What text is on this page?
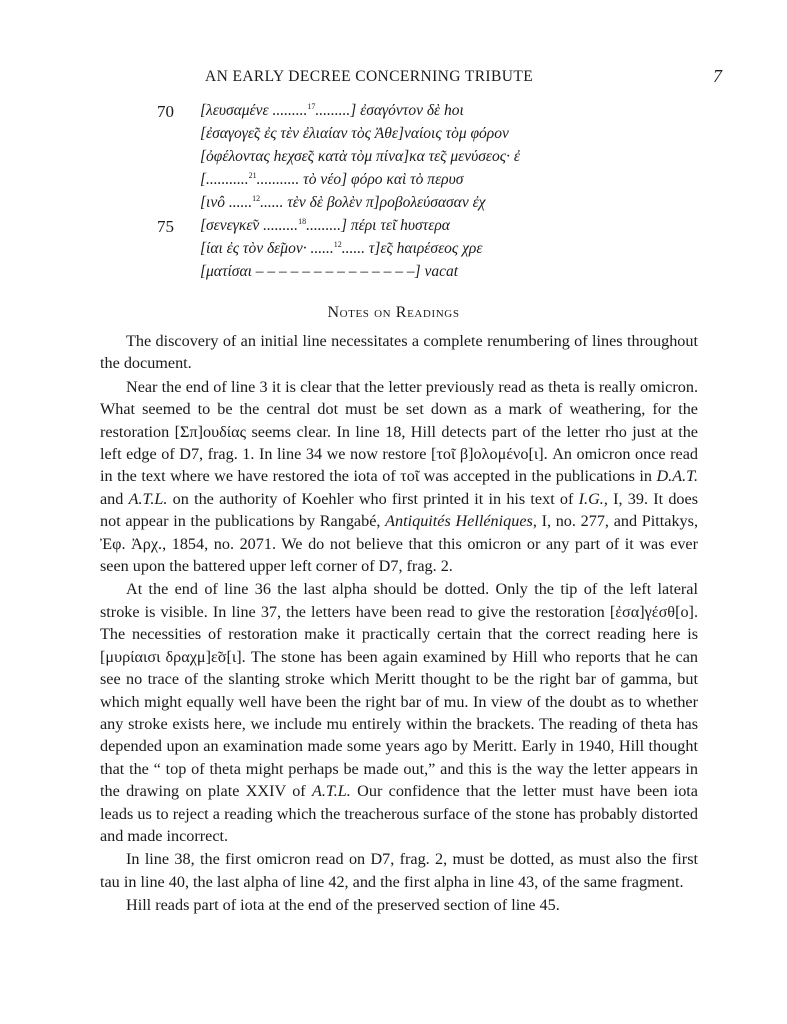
AN EARLY DECREE CONCERNING TRIBUTE	7
70 [λευσαμένε .........$^{17}$.........] ἐσαγόντον δὲ hοι
[ἐσαγογε̃ς ἐς τὲν ἐλιαίαν τὸς Ἀθε]ναίοις τὸμ φόρον
[ὀφέλοντας hεχσε̃ς κατὰ τὸμ πίνα]κα τε̃ς μενύσεος· ἐ
[...........$^{21}$........... τὸ νέο] φόρο καὶ τὸ περυσ
[ινô ......$^{12}$...... τὲν δὲ βολὲν π]ροβολεύσασαν ἐχ
75 [σενεγκε̃ν .........$^{18}$.........] πέρι τε̃ι hυστερα
[ίαι ἐς τὸν δε̃μον· ......$^{12}$...... τ]ε̃ς hαιρέσεος χρε
[ματίσαι – – – – – – – – – – – – – –] vacat
Notes on Readings

The discovery of an initial line necessitates a complete renumbering of lines throughout the document.

Near the end of line 3 it is clear that the letter previously read as theta is really omicron. What seemed to be the central dot must be set down as a mark of weathering, for the restoration [Σπ]ουδίας seems clear. In line 18, Hill detects part of the letter rho just at the left edge of D7, frag. 1. In line 34 we now restore [το̃ι β]ολομένο[ι]. An omicron once read in the text where we have restored the iota of το̃ι was accepted in the publications in D.A.T. and A.T.L. on the authority of Koehler who first printed it in his text of I.G., I, 39. It does not appear in the publications by Rangabé, Antiquités Helléniques, I, no. 277, and Pittakys, Ἐφ. Ἀρχ., 1854, no. 2071. We do not believe that this omicron or any part of it was ever seen upon the battered upper left corner of D7, frag. 2.

At the end of line 36 the last alpha should be dotted. Only the tip of the left lateral stroke is visible. In line 37, the letters have been read to give the restoration [ἐσα]γέσθ[ο]. The necessities of restoration make it practically certain that the correct reading here is [μυρίαισι δραχμ]ε̃σ[ι]. The stone has been again examined by Hill who reports that he can see no trace of the slanting stroke which Meritt thought to be the right bar of gamma, but which might equally well have been the right bar of mu. In view of the doubt as to whether any stroke exists here, we include mu entirely within the brackets. The reading of theta has depended upon an examination made some years ago by Meritt. Early in 1940, Hill thought that the “ top of theta might perhaps be made out,” and this is the way the letter appears in the drawing on plate XXIV of A.T.L. Our confidence that the letter must have been iota leads us to reject a reading which the treacherous surface of the stone has probably distorted and made incorrect.

In line 38, the first omicron read on D7, frag. 2, must be dotted, as must also the first tau in line 40, the last alpha of line 42, and the first alpha in line 43, of the same fragment.

Hill reads part of iota at the end of the preserved section of line 45.
